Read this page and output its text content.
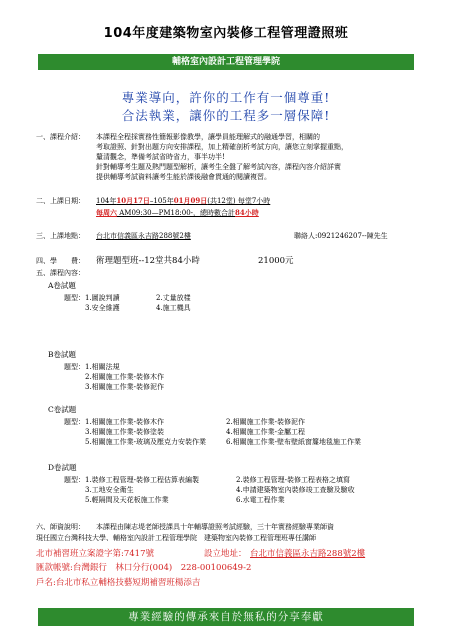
104年度建築物室內裝修工程管理證照班
輔格室內設計工程管理學院
專業導向，許你的工作有一個尊重!
合法執業，讓你的工程多一層保障!
一、課程介紹： 本課程全程採實務性簡報影像教學，讓學員能理解式的融通學習，相關的
考取證照、針對出題方向安排課程，加上精確剖析考試方向，讓您立刻掌握重點，
釐清觀念，準備考試省時省力，事半功半!
針對輔導考生題及熱門題型解析，讓考生全盤了解考試內容，課程內容介紹詳實
提供輔導考試資料讓考生能於課後融會貫通的閱讀複習。
二、上課日期： 104年10月17日–105年01月09日(共12堂) 每堂7小時
每周六 AM09:30—PM18:00-，總時數合計84小時
三、上課地點： 台北市信義區永吉路288號2樓	聯絡人:0921246207--陳先生
四、學　　費： 術理題型班--12堂共84小時	21000元
五、課程內容：
A卷試題
題型：1.圖說判讀	2.丈量放樣
　　　3.安全維護	4.施工機具
B卷試題
題型：1.相關法規
　　　2.相關施工作業-裝修木作
　　　3.相關施工作業-裝修泥作
C卷試題
題型：1.相關施工作業-裝修木作	2.相關施工作業-裝修泥作
　　　3.相關施工作業-裝修塗裝	4.相關施工作業-金屬工程
　　　5.相關施工作業-玻璃及壓克力安裝作業	6.相關施工作業-壁布壁紙窗簾地毯施工作業
D卷試題
題型：1.裝修工程管理-裝修工程估算表編製	2.裝修工程管理-裝修工程表格之填寫
　　　3.工地安全衛生	4.申請建築物室內裝修竣工查驗及驗收
　　　5.輕隔間及天花板施工作業	6.水電工程作業
六、師資說明： 本課程由陳志堤老師授課具十年輔導證照考試經驗，三十年實務經驗專業師資
現任國立台灣科技大學、輔格室內設計工程管理學院　建築物室內裝修工程管理班專任講師
北市補習班立案證字第:7417號	設立地址： 台北市信義區永吉路288號2樓
匯款帳號:台灣銀行　林口分行(004)　228-00100649-2
戶名:台北市私立輔格技藝短期補習班楊添吉
專業經驗的傳承來自於無私的分享奉獻
